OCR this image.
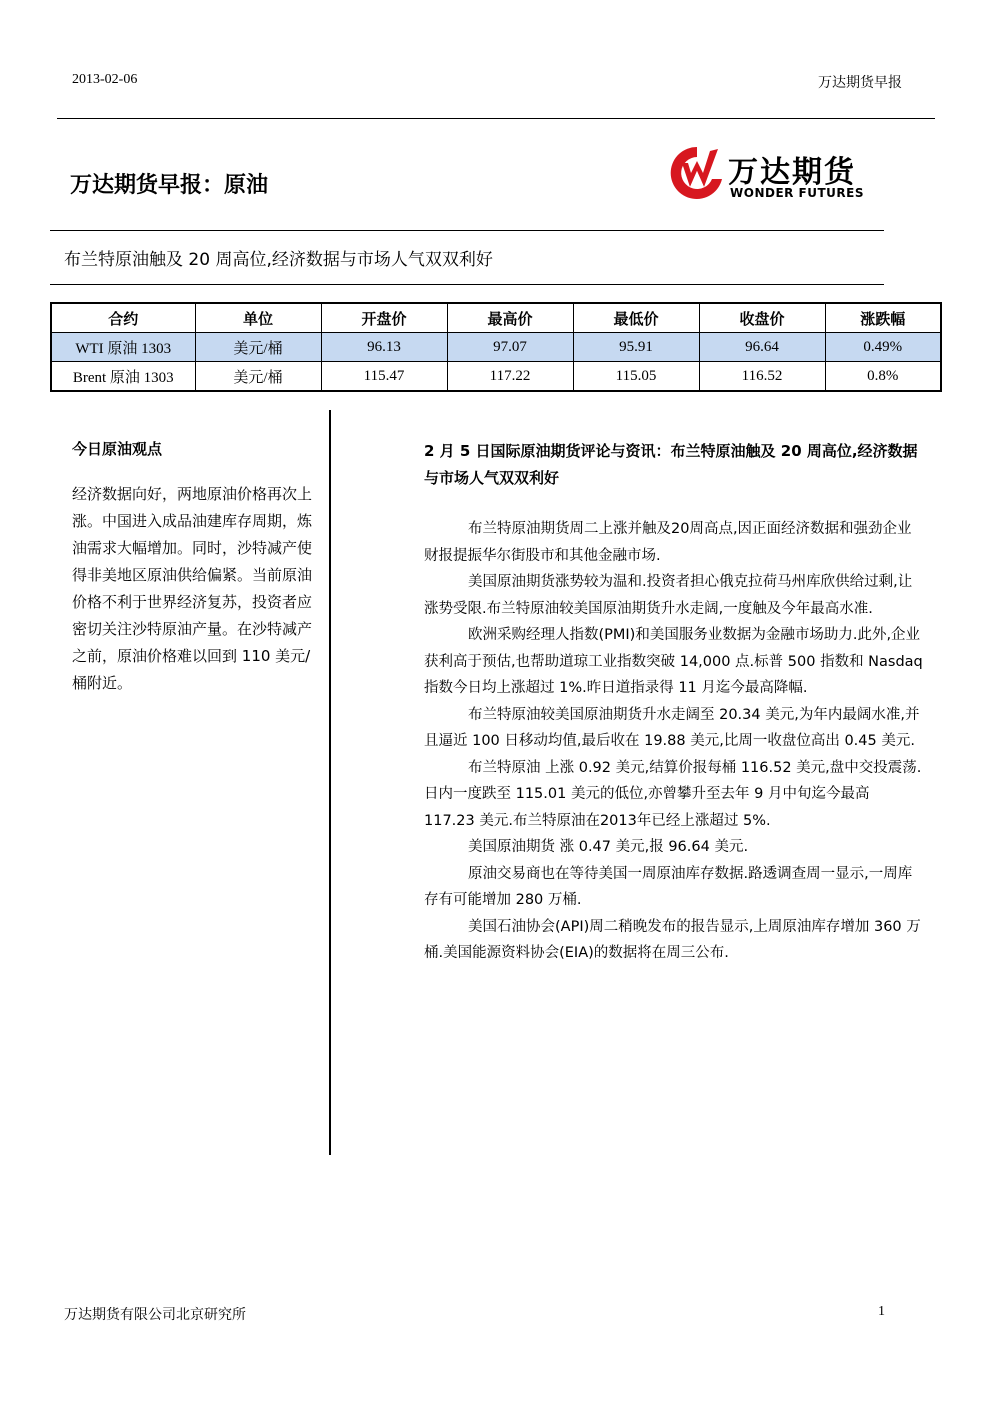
2013-02-06	万达期货早报
万达期货早报：原油	万达期货
WONDER FUTURES
布兰特原油触及 20 周高位,经济数据与市场人气双双利好
合约	单位	开盘价	最高价	最低价	收盘价	涨跌幅
WTI 原油 1303	美元/桶	96.13	97.07	95.91	96.64	0.49%
Brent 原油 1303	美元/桶	115.47	117.22	115.05	116.52	0.8%
今日原油观点
经济数据向好，两地原油价格再次上涨。中国进入成品油建库存周期，炼油需求大幅增加。同时，沙特减产使得非美地区原油供给偏紧。当前原油价格不利于世界经济复苏，投资者应密切关注沙特原油产量。在沙特减产之前，原油价格难以回到 110 美元/桶附近。
2 月 5 日国际原油期货评论与资讯：布兰特原油触及 20 周高位,经济数据与市场人气双双利好

布兰特原油期货周二上涨并触及20周高点,因正面经济数据和强劲企业财报提振华尔街股市和其他金融市场.

美国原油期货涨势较为温和.投资者担心俄克拉荷马州库欣供给过剩,让涨势受限.布兰特原油较美国原油期货升水走阔,一度触及今年最高水准.

欧洲采购经理人指数(PMI)和美国服务业数据为金融市场助力.此外,企业获利高于预估,也帮助道琼工业指数突破 14,000 点.标普 500 指数和 Nasdaq 指数今日均上涨超过 1%.昨日道指录得 11 月迄今最高降幅.

布兰特原油较美国原油期货升水走阔至 20.34 美元,为年内最阔水准,并且逼近 100 日移动均值,最后收在 19.88 美元,比周一收盘位高出 0.45 美元.

布兰特原油 上涨 0.92 美元,结算价报每桶 116.52 美元,盘中交投震荡.日内一度跌至 115.01 美元的低位,亦曾攀升至去年 9 月中旬迄今最高 117.23 美元.布兰特原油在2013年已经上涨超过 5%.

美国原油期货 涨 0.47 美元,报 96.64 美元.

原油交易商也在等待美国一周原油库存数据.路透调查周一显示,一周库存有可能增加 280 万桶.

美国石油协会(API)周二稍晚发布的报告显示,上周原油库存增加 360 万桶.美国能源资料协会(EIA)的数据将在周三公布.

万达期货有限公司北京研究所	1
